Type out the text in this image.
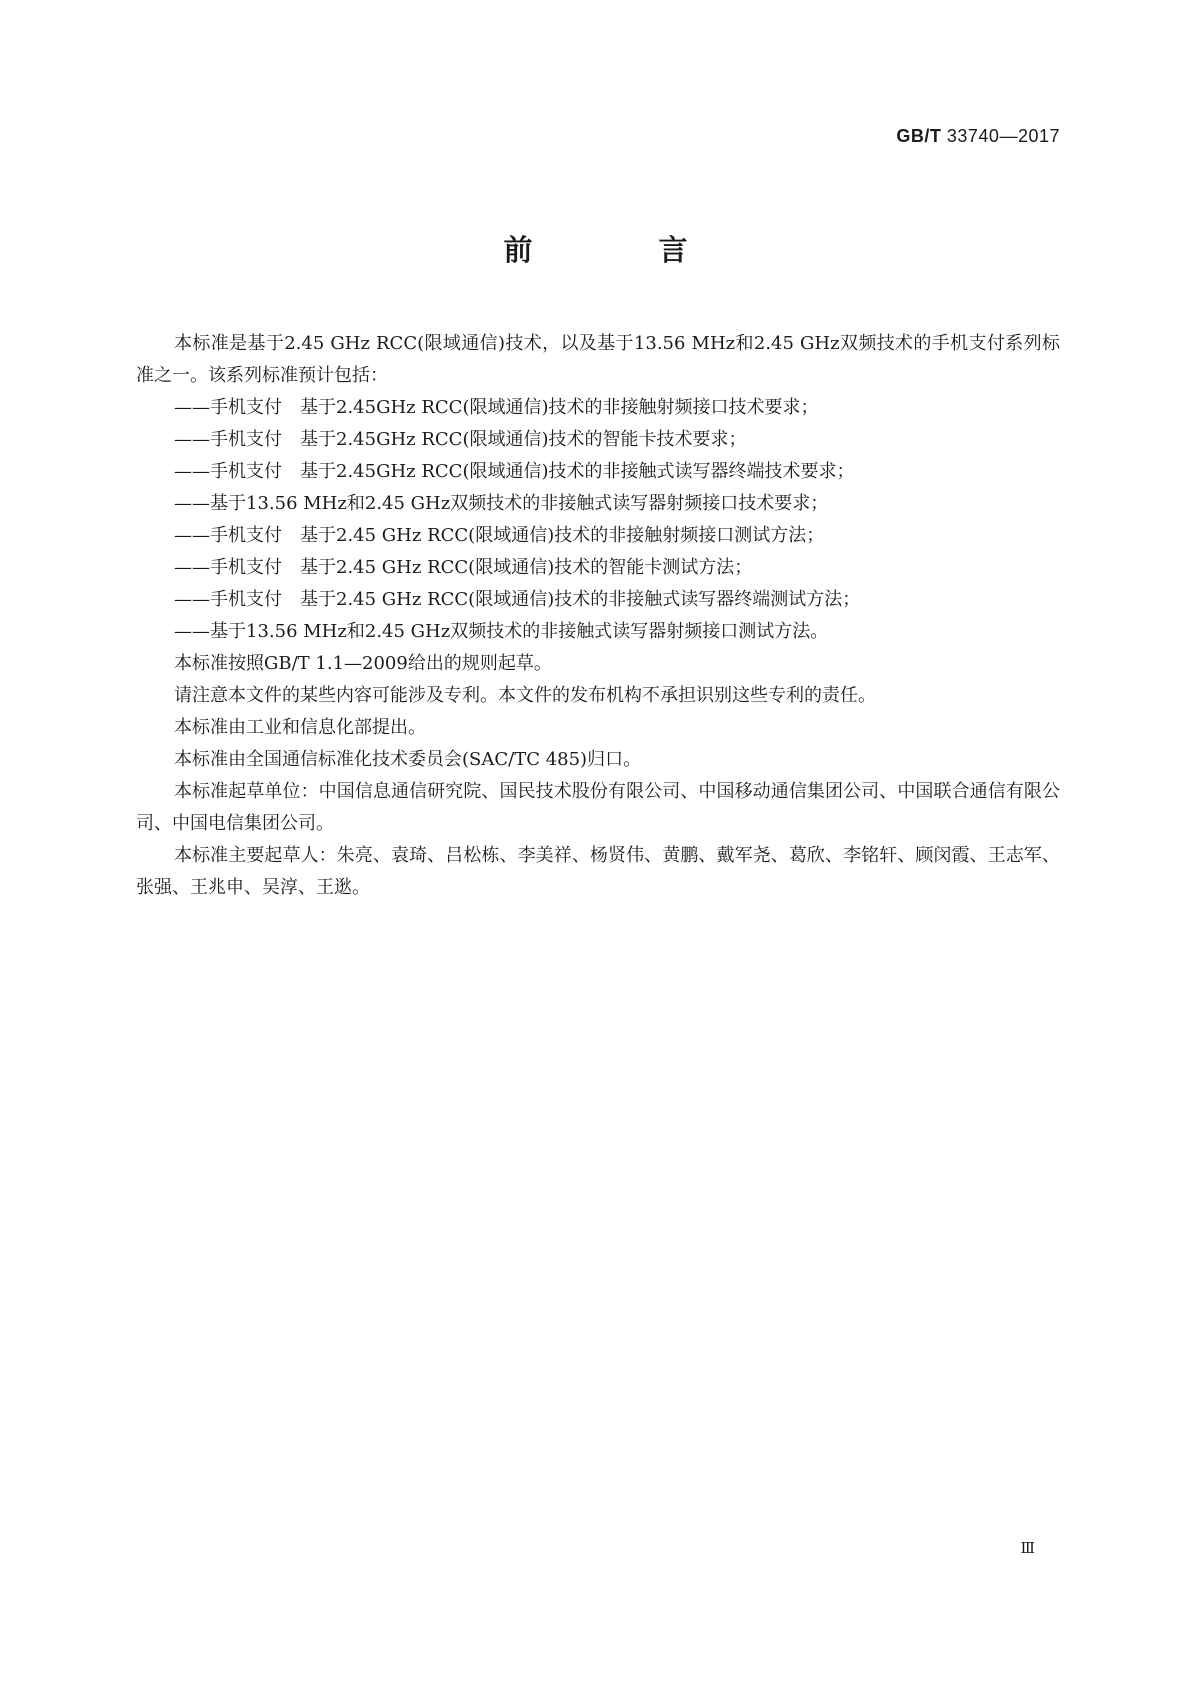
GB/T 33740—2017
前 言

本标准是基于2.45 GHz RCC(限域通信)技术，以及基于13.56 MHz和2.45 GHz双频技术的手机支付系列标准之一。该系列标准预计包括：

——手机支付　基于2.45GHz RCC(限域通信)技术的非接触射频接口技术要求；

——手机支付　基于2.45GHz RCC(限域通信)技术的智能卡技术要求；

——手机支付　基于2.45GHz RCC(限域通信)技术的非接触式读写器终端技术要求；

——基于13.56 MHz和2.45 GHz双频技术的非接触式读写器射频接口技术要求；

——手机支付　基于2.45 GHz RCC(限域通信)技术的非接触射频接口测试方法；

——手机支付　基于2.45 GHz RCC(限域通信)技术的智能卡测试方法；

——手机支付　基于2.45 GHz RCC(限域通信)技术的非接触式读写器终端测试方法；

——基于13.56 MHz和2.45 GHz双频技术的非接触式读写器射频接口测试方法。

本标准按照GB/T 1.1—2009给出的规则起草。

请注意本文件的某些内容可能涉及专利。本文件的发布机构不承担识别这些专利的责任。

本标准由工业和信息化部提出。

本标准由全国通信标准化技术委员会(SAC/TC 485)归口。

本标准起草单位：中国信息通信研究院、国民技术股份有限公司、中国移动通信集团公司、中国联合通信有限公司、中国电信集团公司。

本标准主要起草人：朱亮、袁琦、吕松栋、李美祥、杨贤伟、黄鹏、戴军尧、葛欣、李铭轩、顾闵霞、王志军、张强、王兆申、吴淳、王逖。

Ⅲ
